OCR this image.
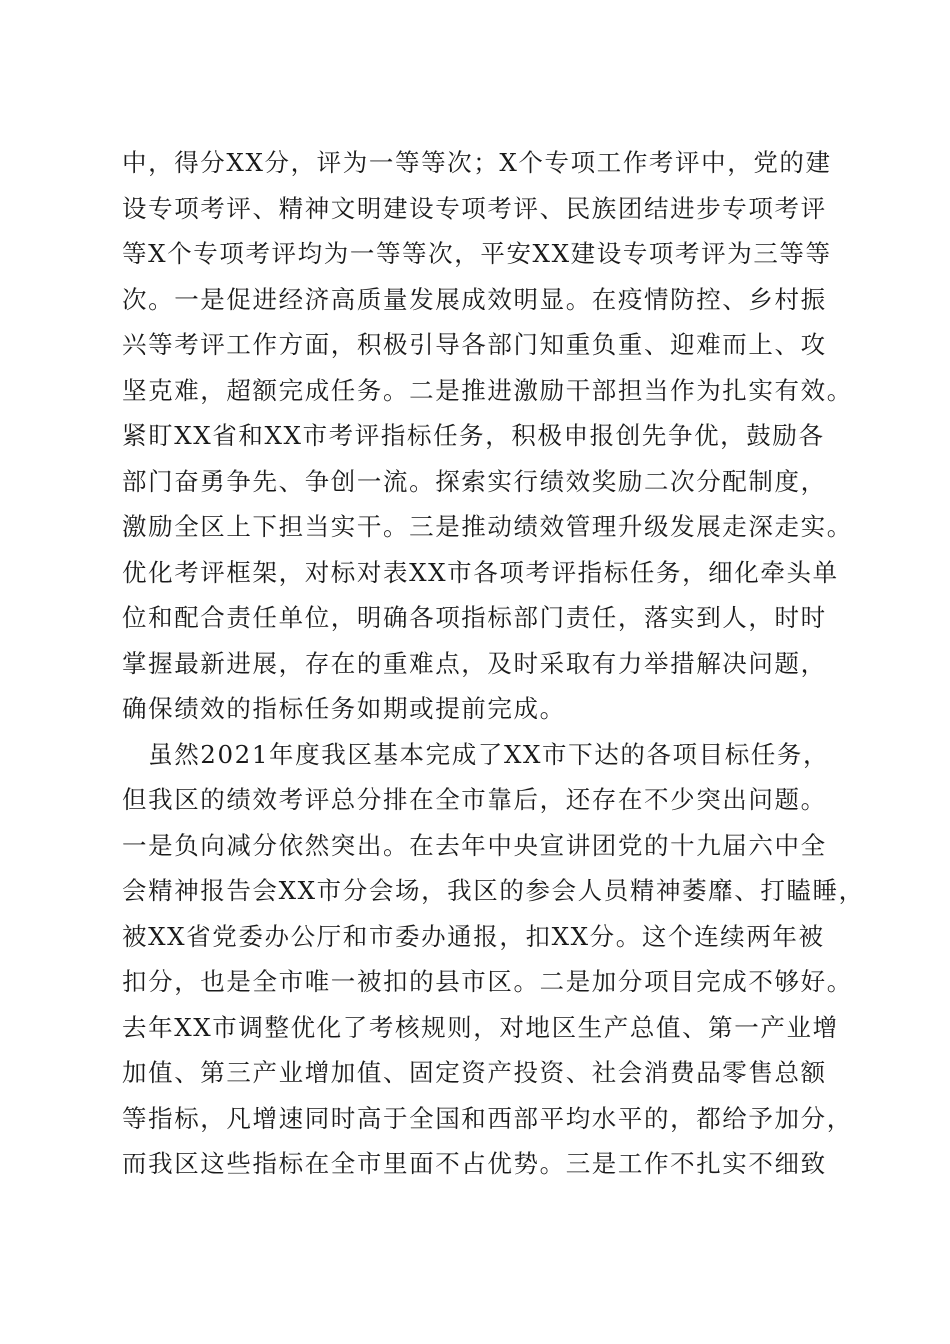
中，得分XX分，评为一等等次；X个专项工作考评中，党的建
设专项考评、精神文明建设专项考评、民族团结进步专项考评
等X个专项考评均为一等等次，平安XX建设专项考评为三等等
次。一是促进经济高质量发展成效明显。在疫情防控、乡村振
兴等考评工作方面，积极引导各部门知重负重、迎难而上、攻
坚克难，超额完成任务。二是推进激励干部担当作为扎实有效。
紧盯XX省和XX市考评指标任务，积极申报创先争优，鼓励各
部门奋勇争先、争创一流。探索实行绩效奖励二次分配制度，
激励全区上下担当实干。三是推动绩效管理升级发展走深走实。
优化考评框架，对标对表XX市各项考评指标任务，细化牵头单
位和配合责任单位，明确各项指标部门责任，落实到人，时时
掌握最新进展，存在的重难点，及时采取有力举措解决问题，
确保绩效的指标任务如期或提前完成。
　虽然2021年度我区基本完成了XX市下达的各项目标任务，
但我区的绩效考评总分排在全市靠后，还存在不少突出问题。
一是负向减分依然突出。在去年中央宣讲团党的十九届六中全
会精神报告会XX市分会场，我区的参会人员精神萎靡、打瞌睡，
被XX省党委办公厅和市委办通报，扣XX分。这个连续两年被
扣分，也是全市唯一被扣的县市区。二是加分项目完成不够好。
去年XX市调整优化了考核规则，对地区生产总值、第一产业增
加值、第三产业增加值、固定资产投资、社会消费品零售总额
等指标，凡增速同时高于全国和西部平均水平的，都给予加分，
而我区这些指标在全市里面不占优势。三是工作不扎实不细致
